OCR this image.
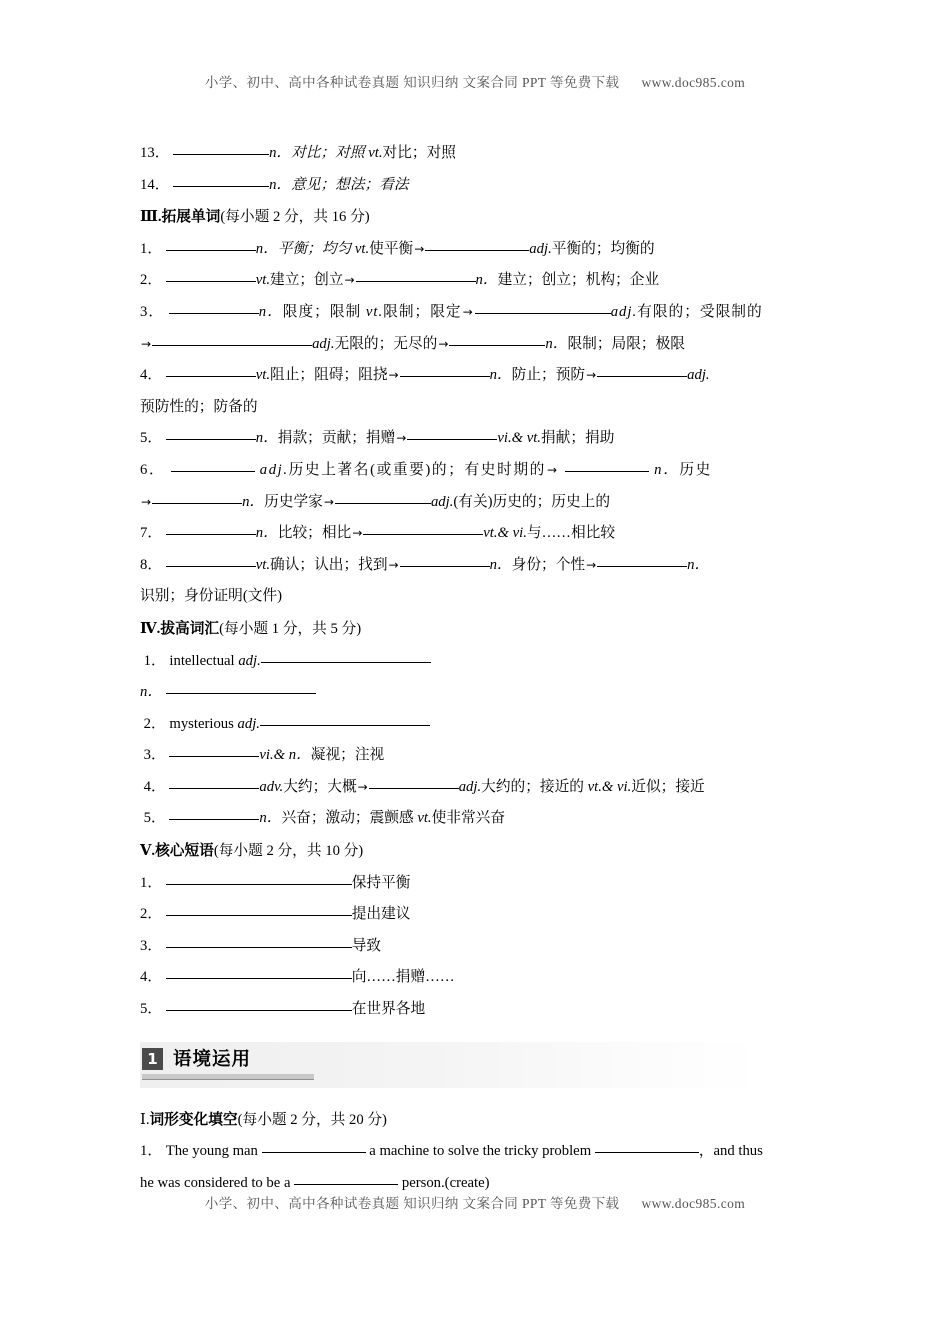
小学、初中、高中各种试卷真题 知识归纳 文案合同 PPT 等免费下载 www.doc985.com
13．	n．对比；对照 vt.对比；对照
14．	n．意见；想法；看法
Ⅲ.拓展单词(每小题 2 分，共 16 分)
1．	n．平衡；均匀 vt.使平衡→	adj.平衡的；均衡的
2．	vt.建立；创立→	n．建立；创立；机构；企业
3．	n．限度；限制 vt.限制；限定→	adj.有限的；受限制的
→	adj.无限的；无尽的→	n．限制；局限；极限
4．	vt.阻止；阻碍；阻挠→	n．防止；预防→	adj.
预防性的；防备的
5．	n．捐款；贡献；捐赠→	vi.& vt.捐献；捐助
6．	adj.历史上著名(或重要)的；有史时期的→	n．历史
→	n．历史学家→	adj.(有关)历史的；历史上的
7．	n．比较；相比→	vt.& vi.与……相比较
8．	vt.确认；认出；找到→	n．身份；个性→	n．
识别；身份证明(文件)
Ⅳ.拔高词汇(每小题 1 分，共 5 分)
1． intellectual adj.
n．
2． mysterious adj.
3．	vi.& n．凝视；注视
4．	adv.大约；大概→	adj.大约的；接近的 vt.& vi.近似；接近
5．	n．兴奋；激动；震颤感 vt.使非常兴奋
Ⅴ.核心短语(每小题 2 分，共 10 分)
1．	保持平衡
2．	提出建议
3．	导致
4．	向……捐赠……
5．	在世界各地
1 语境运用
Ⅰ.词形变化填空(每小题 2 分，共 20 分)
1． The young man	a machine to solve the tricky problem	，and thus
he was considered to be a	person.(create)
小学、初中、高中各种试卷真题 知识归纳 文案合同 PPT 等免费下载 www.doc985.com
